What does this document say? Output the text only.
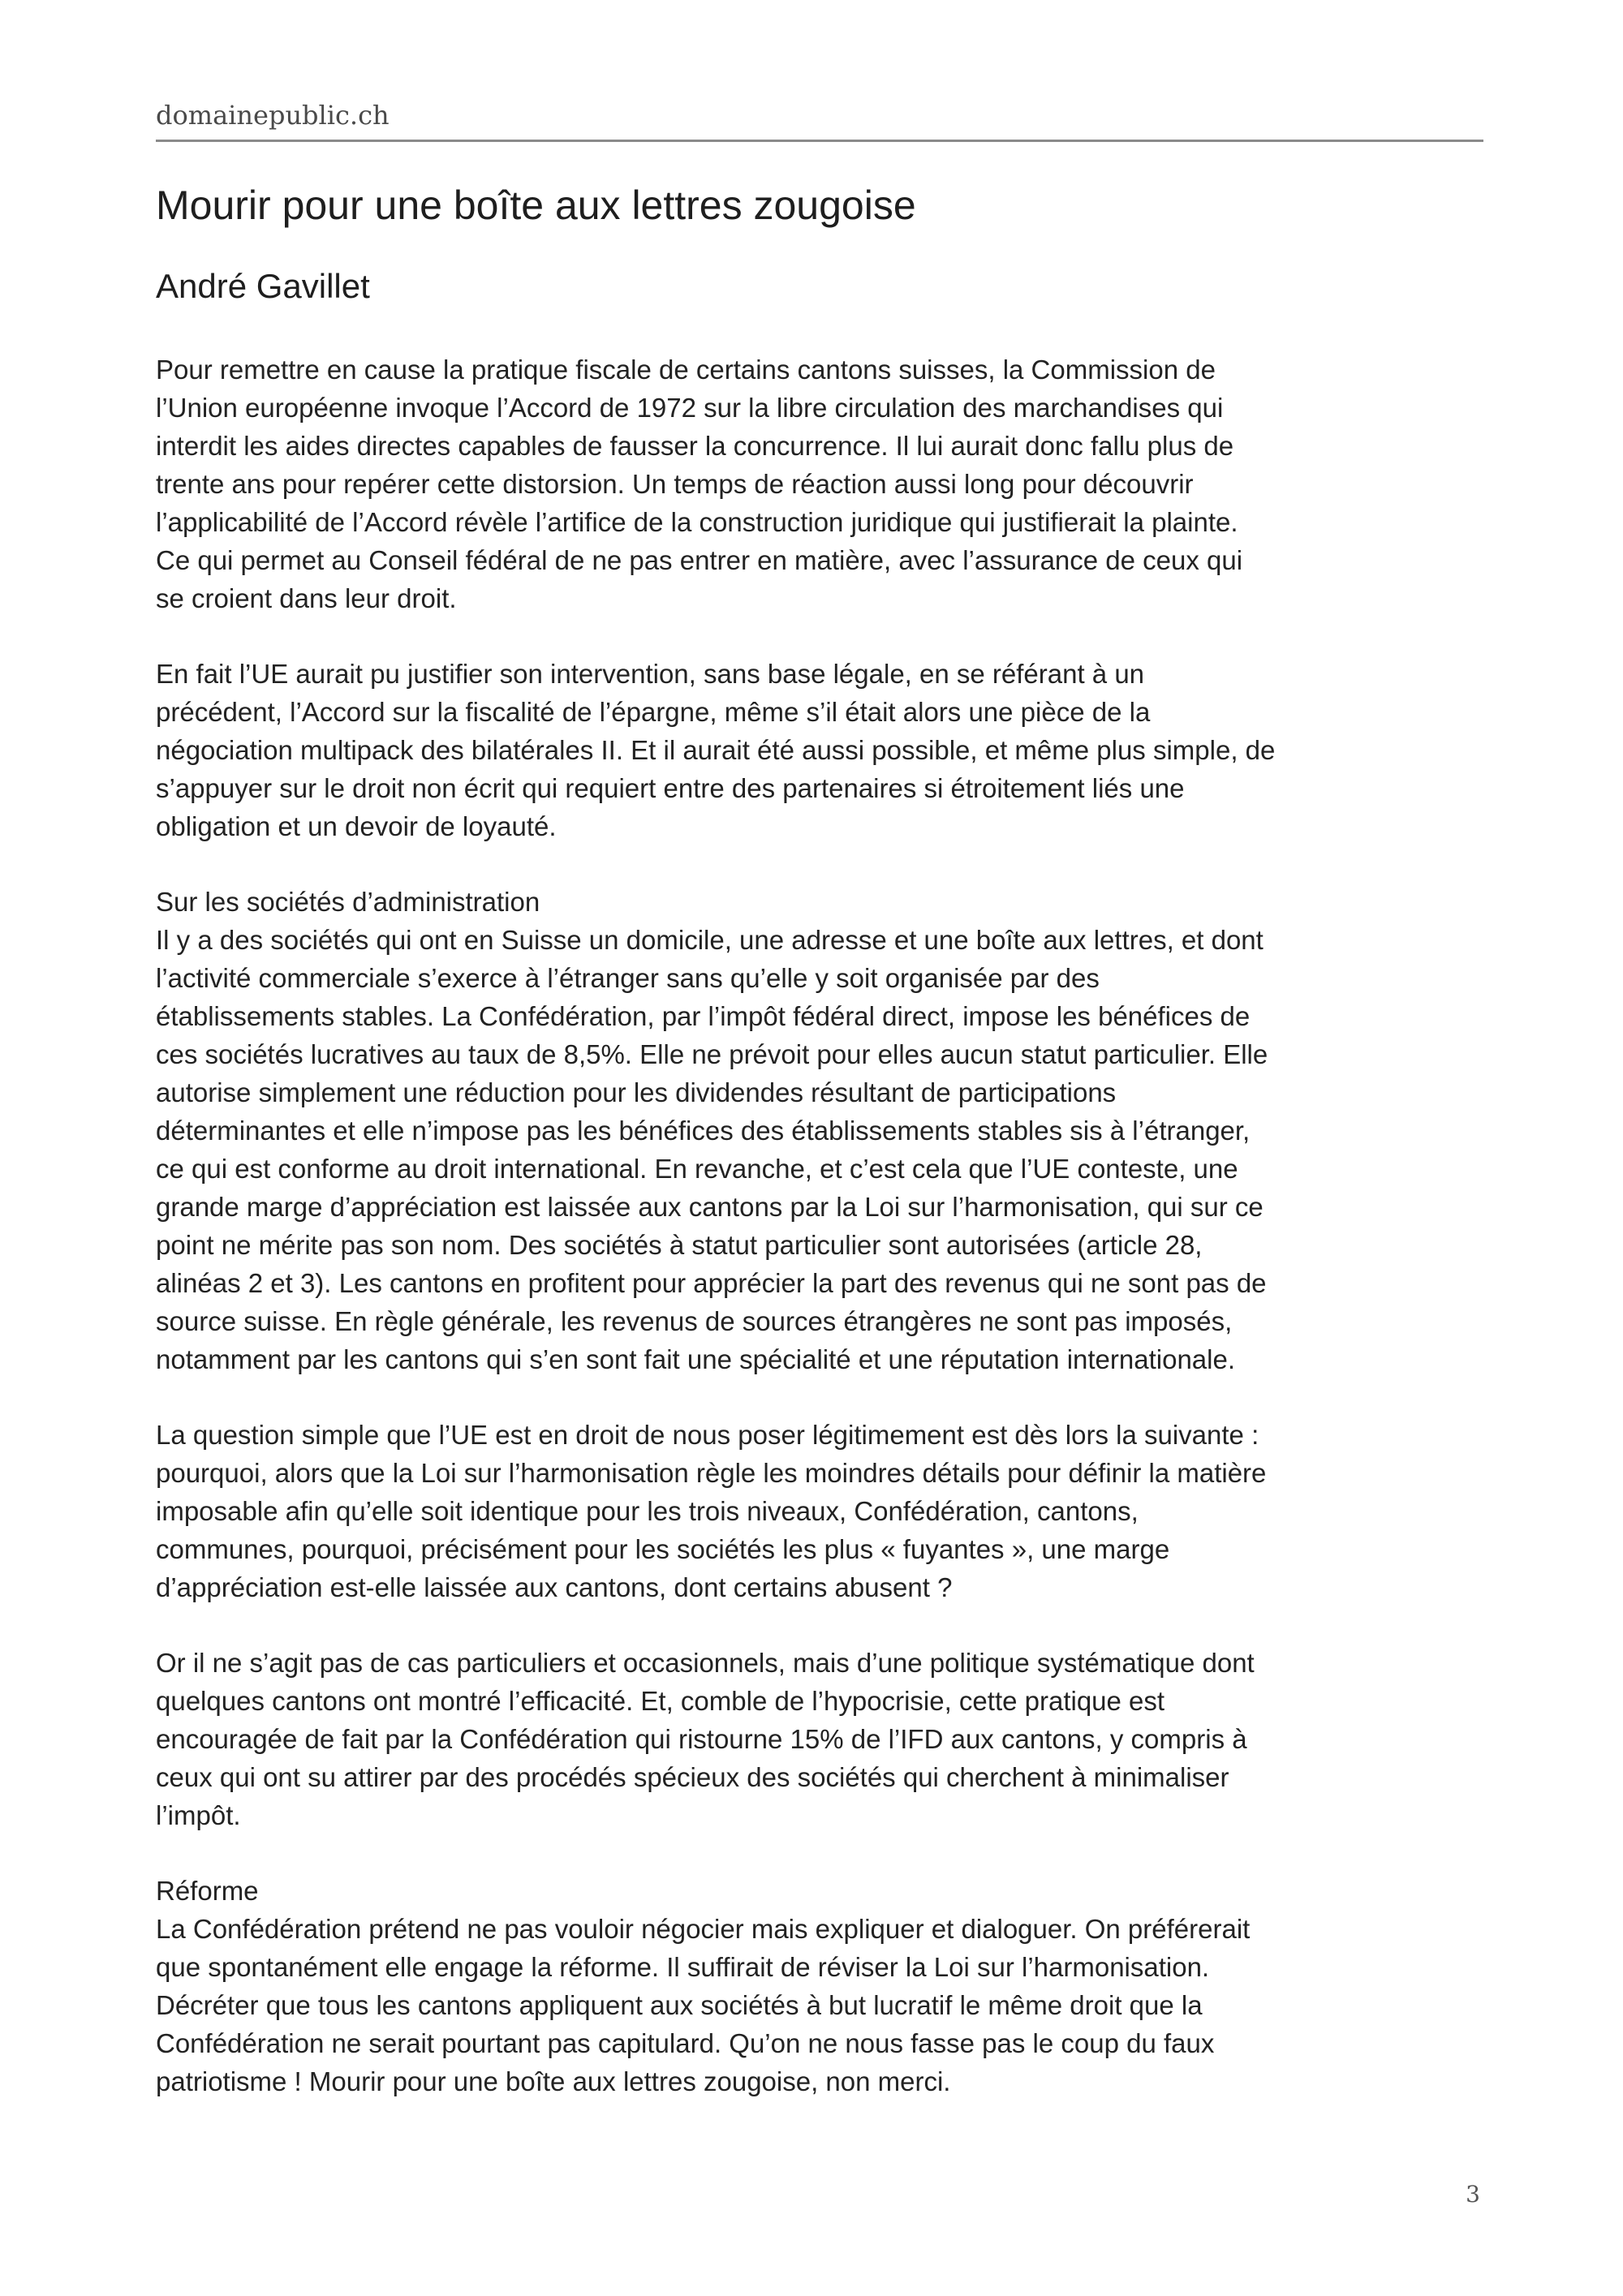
domainepublic.ch
Mourir pour une boîte aux lettres zougoise
André Gavillet

Pour remettre en cause la pratique fiscale de certains cantons suisses, la Commission de
l’Union européenne invoque l’Accord de 1972 sur la libre circulation des marchandises qui
interdit les aides directes capables de fausser la concurrence. Il lui aurait donc fallu plus de
trente ans pour repérer cette distorsion. Un temps de réaction aussi long pour découvrir
l’applicabilité de l’Accord révèle l’artifice de la construction juridique qui justifierait la plainte.
Ce qui permet au Conseil fédéral de ne pas entrer en matière, avec l’assurance de ceux qui
se croient dans leur droit.

En fait l’UE aurait pu justifier son intervention, sans base légale, en se référant à un
précédent, l’Accord sur la fiscalité de l’épargne, même s’il était alors une pièce de la
négociation multipack des bilatérales II. Et il aurait été aussi possible, et même plus simple, de
s’appuyer sur le droit non écrit qui requiert entre des partenaires si étroitement liés une
obligation et un devoir de loyauté.

Sur les sociétés d’administration
Il y a des sociétés qui ont en Suisse un domicile, une adresse et une boîte aux lettres, et dont
l’activité commerciale s’exerce à l’étranger sans qu’elle y soit organisée par des
établissements stables. La Confédération, par l’impôt fédéral direct, impose les bénéfices de
ces sociétés lucratives au taux de 8,5%. Elle ne prévoit pour elles aucun statut particulier. Elle
autorise simplement une réduction pour les dividendes résultant de participations
déterminantes et elle n’impose pas les bénéfices des établissements stables sis à l’étranger,
ce qui est conforme au droit international. En revanche, et c’est cela que l’UE conteste, une
grande marge d’appréciation est laissée aux cantons par la Loi sur l’harmonisation, qui sur ce
point ne mérite pas son nom. Des sociétés à statut particulier sont autorisées (article 28,
alinéas 2 et 3). Les cantons en profitent pour apprécier la part des revenus qui ne sont pas de
source suisse. En règle générale, les revenus de sources étrangères ne sont pas imposés,
notamment par les cantons qui s’en sont fait une spécialité et une réputation internationale.

La question simple que l’UE est en droit de nous poser légitimement est dès lors la suivante :
pourquoi, alors que la Loi sur l’harmonisation règle les moindres détails pour définir la matière
imposable afin qu’elle soit identique pour les trois niveaux, Confédération, cantons,
communes, pourquoi, précisément pour les sociétés les plus « fuyantes », une marge
d’appréciation est-elle laissée aux cantons, dont certains abusent ?

Or il ne s’agit pas de cas particuliers et occasionnels, mais d’une politique systématique dont
quelques cantons ont montré l’efficacité. Et, comble de l’hypocrisie, cette pratique est
encouragée de fait par la Confédération qui ristourne 15% de l’IFD aux cantons, y compris à
ceux qui ont su attirer par des procédés spécieux des sociétés qui cherchent à minimaliser
l’impôt.

Réforme
La Confédération prétend ne pas vouloir négocier mais expliquer et dialoguer. On préférerait
que spontanément elle engage la réforme. Il suffirait de réviser la Loi sur l’harmonisation.
Décréter que tous les cantons appliquent aux sociétés à but lucratif le même droit que la
Confédération ne serait pourtant pas capitulard. Qu’on ne nous fasse pas le coup du faux
patriotisme ! Mourir pour une boîte aux lettres zougoise, non merci.

3
